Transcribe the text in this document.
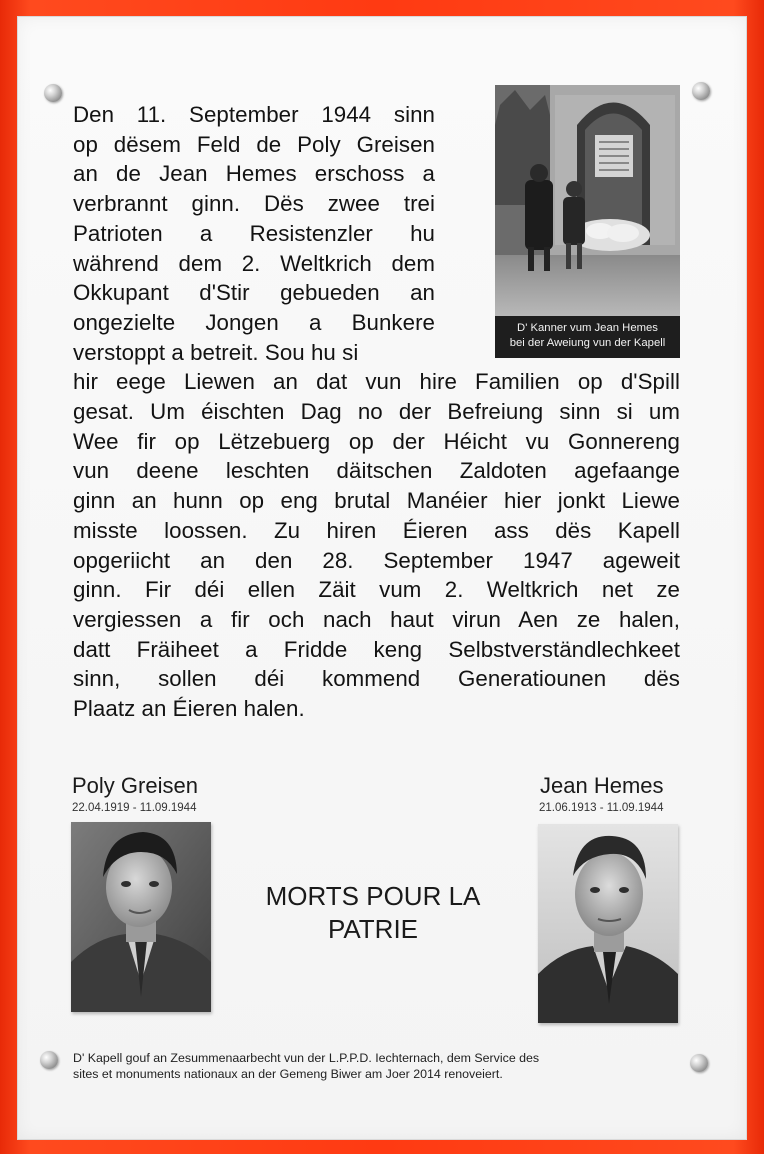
Den 11. September 1944 sinn
op dësem Feld de Poly Greisen
an de Jean Hemes erschoss a
verbrannt ginn. Dës zwee trei
Patrioten a Resistenzler hu
während dem 2. Weltkrich dem
Okkupant d'Stir gebueden an
ongezielte Jongen a Bunkere
verstoppt a betreit. Sou hu si
hir eege Liewen an dat vun hire Familien op d'Spill
gesat. Um éischten Dag no der Befreiung sinn si um
Wee fir op Lëtzebuerg op der Héicht vu Gonnereng
vun deene leschten däitschen Zaldoten agefaange
ginn an hunn op eng brutal Manéier hier jonkt Liewe
misste loossen. Zu hiren Éieren ass dës Kapell
opgeriicht an den 28. September 1947 ageweit
ginn. Fir déi ellen Zäit vum 2. Weltkrich net ze
vergiessen a fir och nach haut virun Aen ze halen,
datt Fräiheet a Fridde keng Selbstverständlechkeet
sinn, sollen déi kommend Generatiounen dës
Plaatz an Éieren halen.
D' Kanner vum Jean Hemes
bei der Aweiung vun der Kapell
Poly Greisen
22.04.1919 - 11.09.1944
Jean Hemes
21.06.1913 - 11.09.1944
MORTS POUR LA
PATRIE
D' Kapell gouf an Zesummenaarbecht vun der L.P.P.D. Iechternach, dem Service des
sites et monuments nationaux an der Gemeng Biwer am Joer 2014 renoveiert.
